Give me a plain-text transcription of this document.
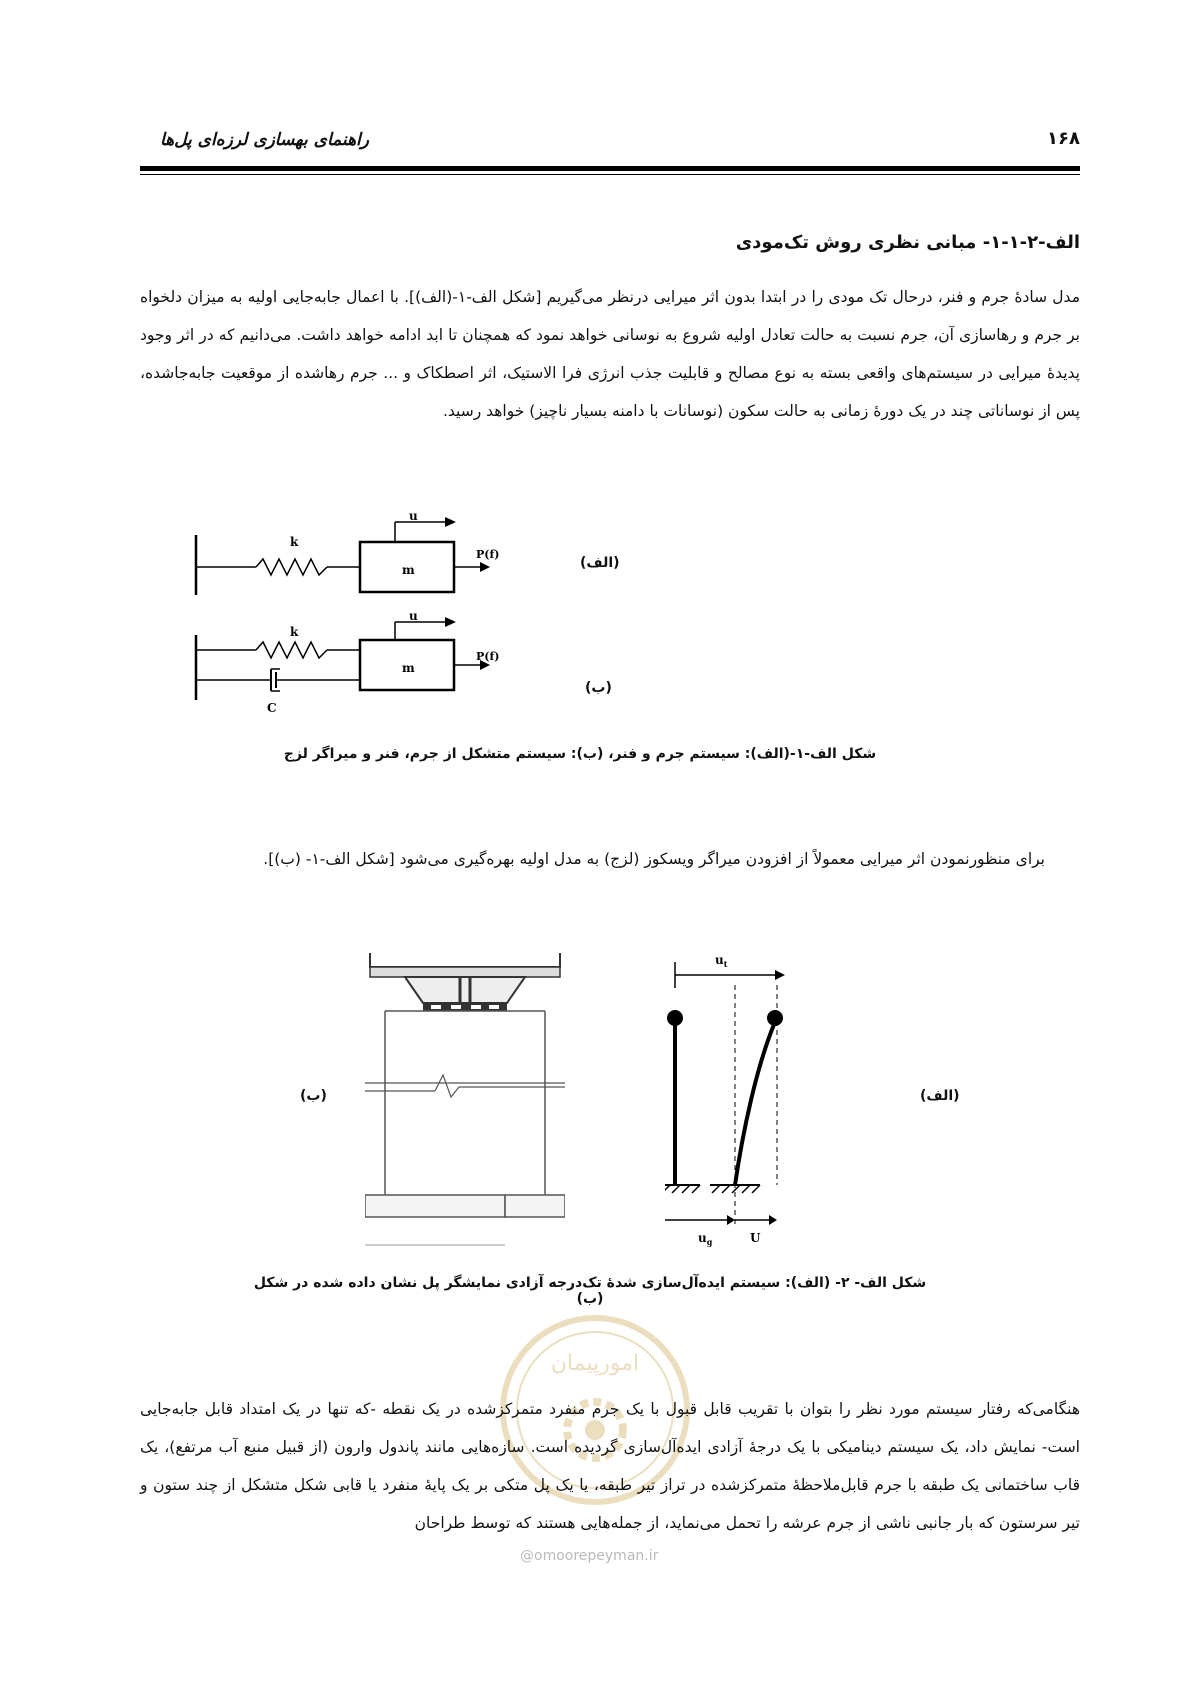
راهنمای بهسازی لرزه‌ای پل‌ها	۱۶۸
الف-۲-۱-۱- مبانی نظری روش تک‌مودی
مدل سادهٔ جرم و فنر، درحال تک مودی را در ابتدا بدون اثر میرایی درنظر می‌گیریم [شکل الف-۱-(الف)]. با اعمال جابه‌جایی اولیه به میزان دلخواه بر جرم و رهاسازی آن، جرم نسبت به حالت تعادل اولیه شروع به نوسانی خواهد نمود که همچنان تا ابد ادامه خواهد داشت. می‌دانیم که در اثر وجود پدیدهٔ میرایی در سیستم‌های واقعی بسته به نوع مصالح و قابلیت جذب انرژی فرا الاستیک، اثر اصطکاک و ... جرم رهاشده از موقعیت جابه‌جاشده، پس از نوساناتی چند در یک دورهٔ زمانی به حالت سکون (نوسانات با دامنه بسیار ناچیز) خواهد رسید.
k
m
u
P(f)
k
m
u
P(f)
C
(الف)
(ب)
شکل الف-۱-(الف): سیستم جرم و فنر، (ب): سیستم متشکل از جرم، فنر و میراگر لزج
برای منظورنمودن اثر میرایی معمولاً از افزودن میراگر ویسکوز (لزج) به مدل اولیه بهره‌گیری می‌شود [شکل الف-۱- (ب)].
$u_t$
$u_g$	U
(ب)	(الف)
شکل الف- ۲- (الف): سیستم ایده‌آل‌سازی شدهٔ تک‌درجه آزادی نمایشگر پل نشان داده شده در شکل (ب)
امورپیمان
@omoorepeyman.ir
هنگامی‌که رفتار سیستم مورد نظر را بتوان با تقریب قابل قبول با یک جرم منفرد متمرکزشده در یک نقطه -که تنها در یک امتداد قابل جابه‌جایی است- نمایش داد، یک سیستم دینامیکی با یک درجهٔ آزادی ایده‌آل‌سازی گردیده است. سازه‌هایی مانند پاندول وارون (از قبیل منبع آب مرتفع)، یک قاب ساختمانی یک طبقه با جرم قابل‌ملاحظهٔ متمرکزشده در تراز تیر طبقه، یا یک پل متکی بر یک پایهٔ منفرد یا قابی شکل متشکل از چند ستون و تیر سرستون که بار جانبی ناشی از جرم عرشه را تحمل می‌نماید، از جمله‌هایی هستند که توسط طراحان
